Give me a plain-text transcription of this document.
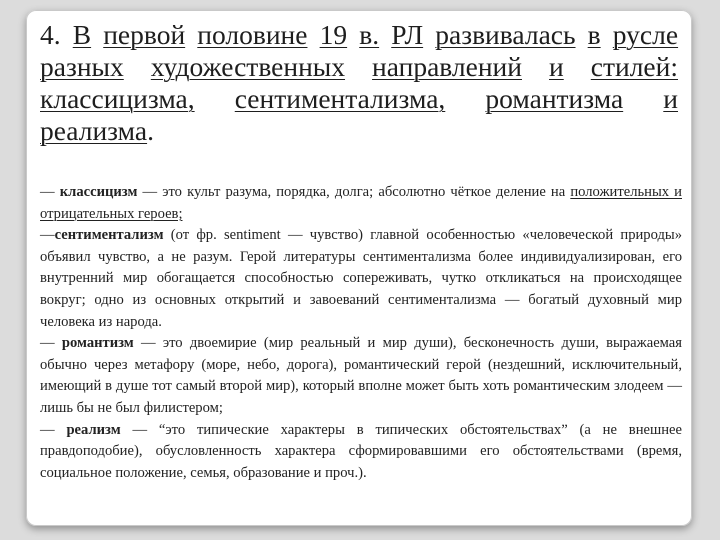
4. В первой половине 19 в. РЛ развивалась в русле разных художественных направлений и стилей: классицизма, сентиментализма, романтизма и реализма.

— классицизм — это культ разума, порядка, долга; абсолютно чёткое деление на положительных и отрицательных героев;

—сентиментализм (от фр. sentiment — чувство) главной особенностью «человеческой природы» объявил чувство, а не разум. Герой литературы сентиментализма более индивидуализирован, его внутренний мир обогащается способностью сопереживать, чутко откликаться на происходящее вокруг; одно из основных открытий и завоеваний сентиментализма — богатый духовный мир человека из народа.

— романтизм — это двоемирие (мир реальный и мир души), бесконечность души, выражаемая обычно через метафору (море, небо, дорога), романтический герой (нездешний, исключительный, имеющий в душе тот самый второй мир), который вполне может быть хоть романтическим злодеем — лишь бы не был филистером;

— реализм — “это типические характеры в типических обстоятельствах” (а не внешнее правдоподобие), обусловленность характера сформировавшими его обстоятельствами (время, социальное положение, семья, образование и проч.).
